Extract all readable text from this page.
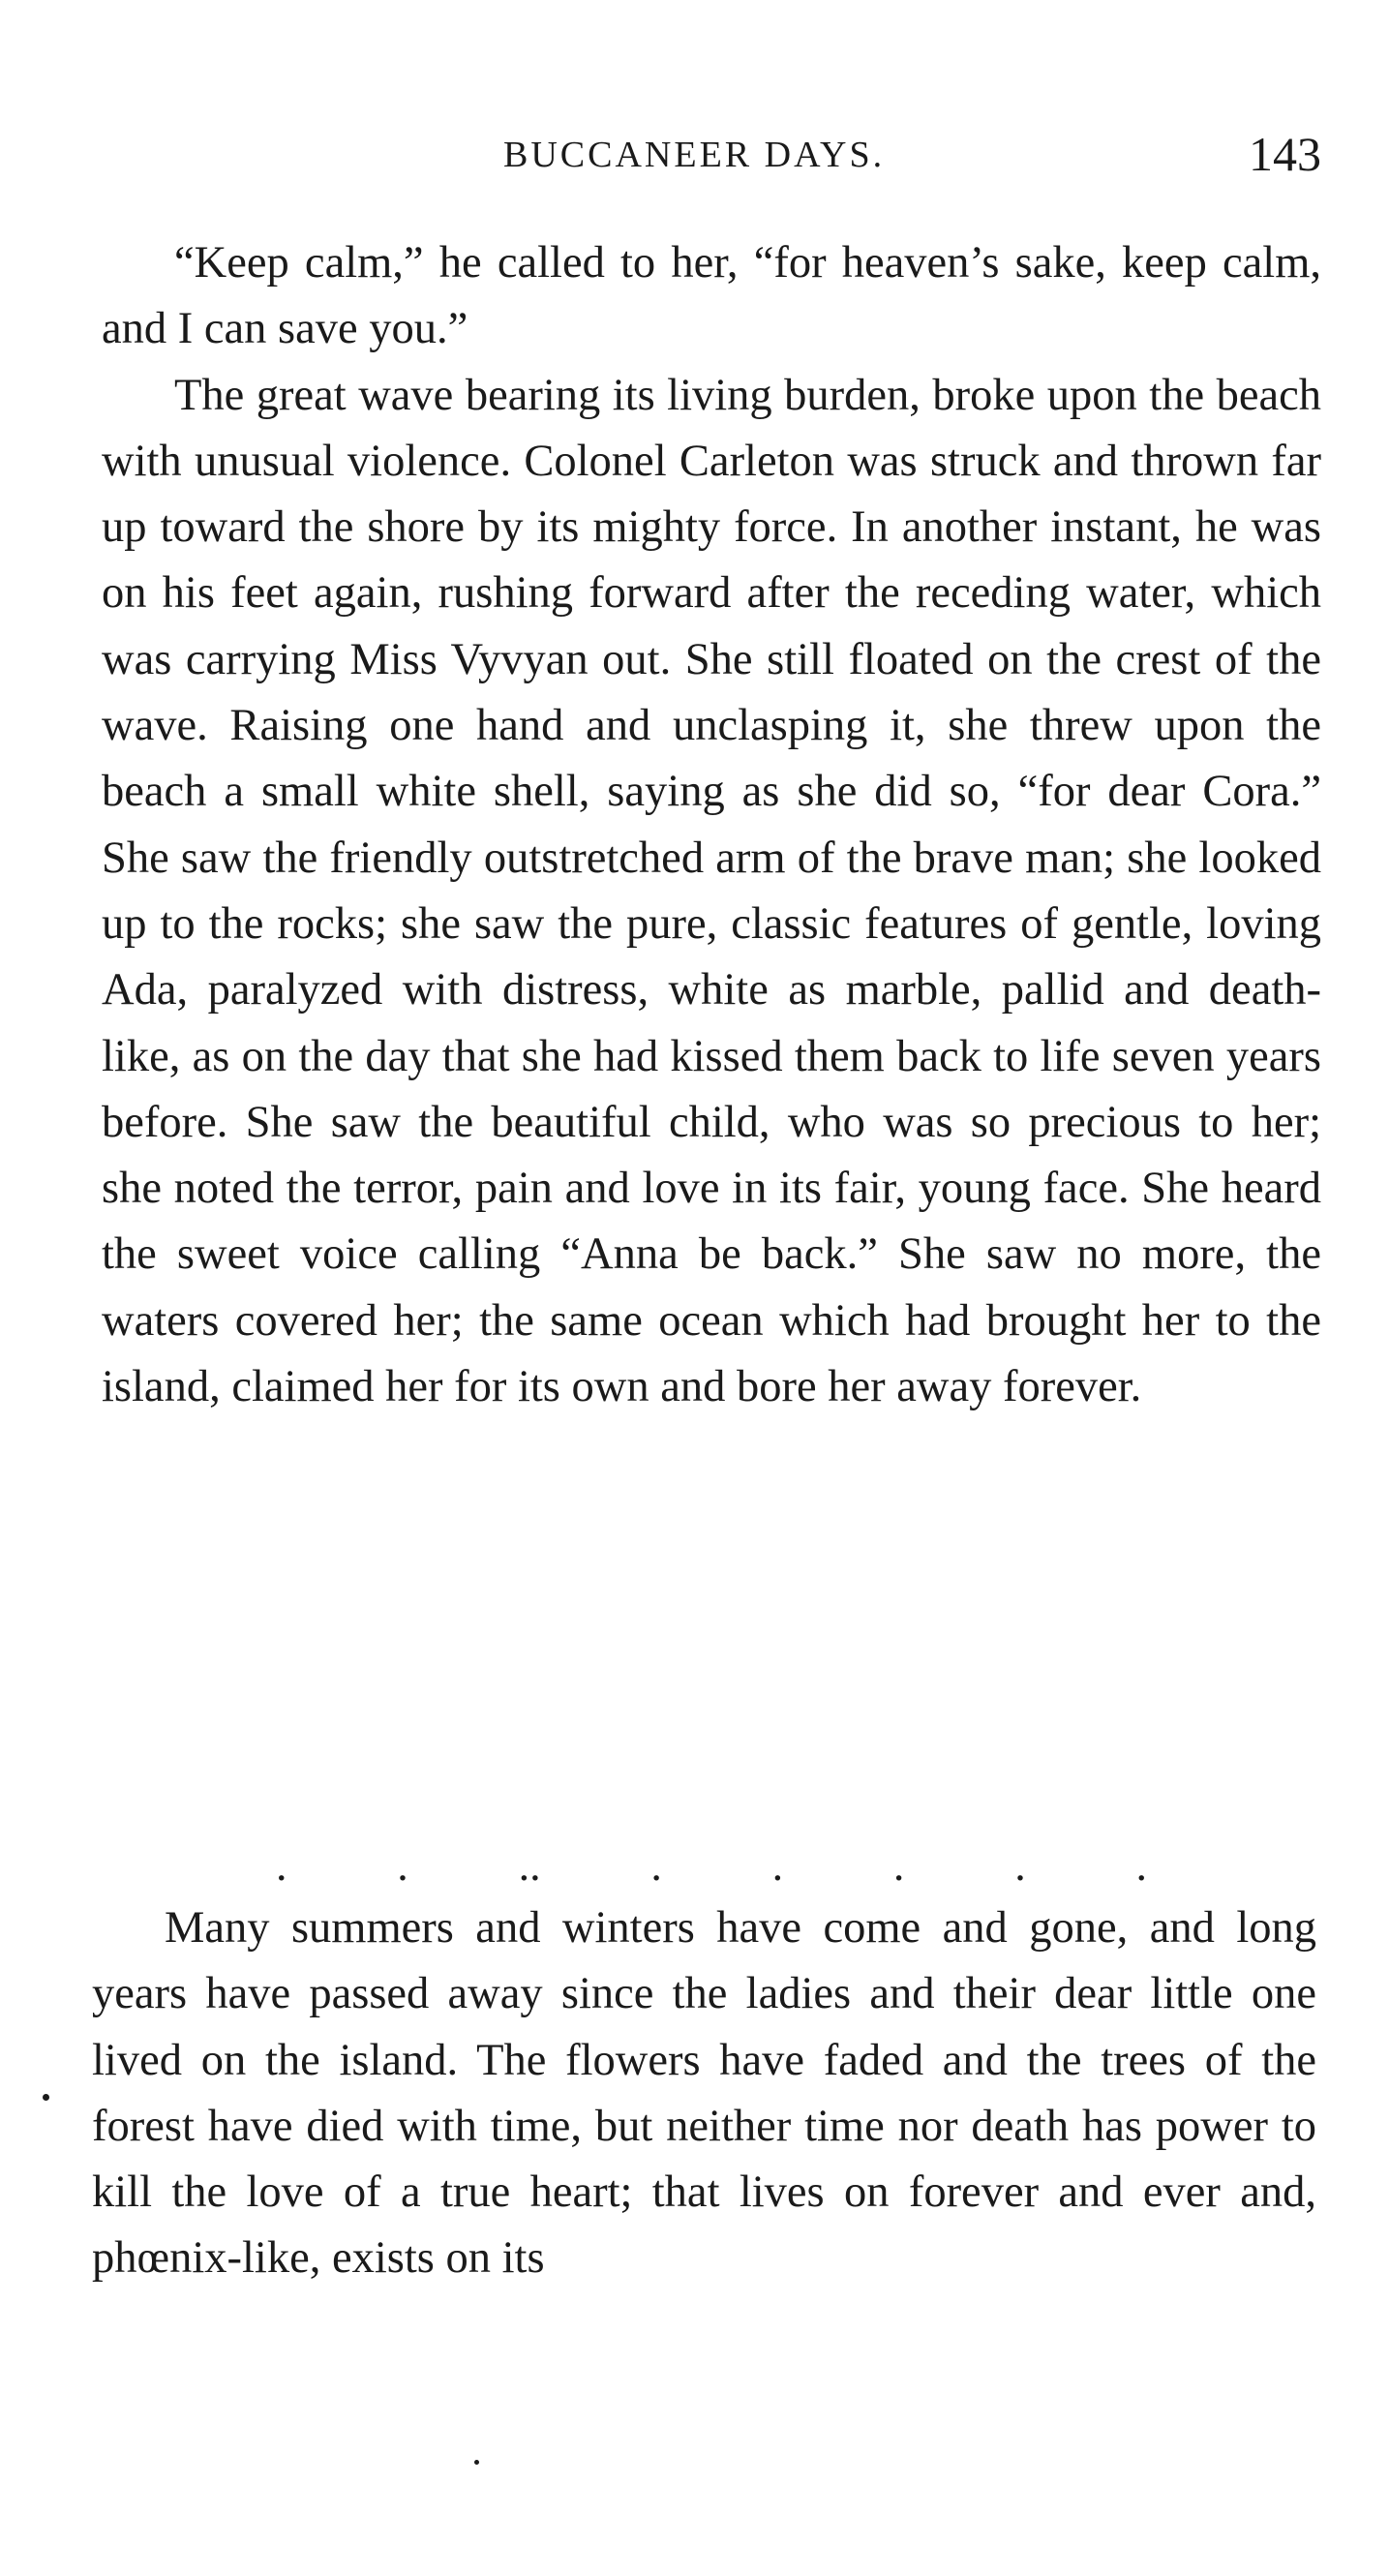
BUCCANEER DAYS.	143

“Keep calm,” he called to her, “for heaven’s sake, keep calm, and I can save you.”

The great wave bearing its living burden, broke upon the beach with unusual violence. Colonel Carleton was struck and thrown far up toward the shore by its mighty force. In another instant, he was on his feet again, rushing forward after the receding water, which was carrying Miss Vyvyan out. She still floated on the crest of the wave. Raising one hand and unclasping it, she threw upon the beach a small white shell, saying as she did so, “for dear Cora.” She saw the friendly outstretched arm of the brave man; she looked up to the rocks; she saw the pure, classic features of gentle, loving Ada, paralyzed with distress, white as marble, pallid and death-like, as on the day that she had kissed them back to life seven years before. She saw the beautiful child, who was so precious to her; she noted the terror, pain and love in its fair, young face. She heard the sweet voice calling “Anna be back.” She saw no more, the waters covered her; the same ocean which had brought her to the island, claimed her for its own and bore her away forever.

. . .. . . . . .

Many summers and winters have come and gone, and long years have passed away since the ladies and their dear little one lived on the island. The flowers have faded and the trees of the forest have died with time, but neither time nor death has power to kill the love of a true heart; that lives on forever and ever and, phœnix-like, exists on its
